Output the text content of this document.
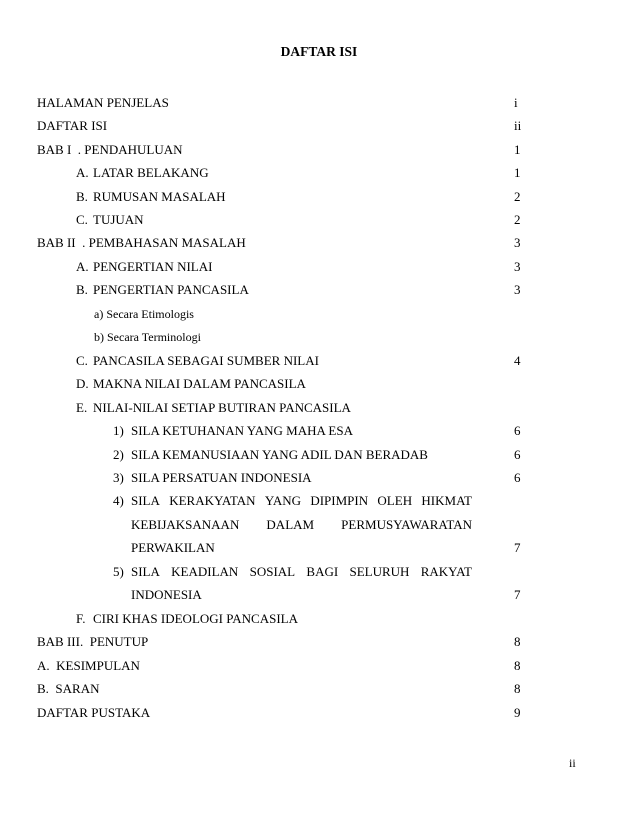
DAFTAR ISI
HALAMAN PENJELAS	i
DAFTAR ISI	ii
BAB I  . PENDAHULUAN	1
A. LATAR BELAKANG	1
B. RUMUSAN MASALAH	2
C. TUJUAN	2
BAB II  . PEMBAHASAN MASALAH	3
A. PENGERTIAN NILAI	3
B. PENGERTIAN PANCASILA	3
a) Secara Etimologis
b) Secara Terminologi
C. PANCASILA SEBAGAI SUMBER NILAI	4
D. MAKNA NILAI DALAM PANCASILA
E. NILAI-NILAI SETIAP BUTIRAN PANCASILA
1) SILA KETUHANAN YANG MAHA ESA	6
2) SILA KEMANUSIAAN YANG ADIL DAN BERADAB	6
3) SILA PERSATUAN INDONESIA	6
4) SILA KERAKYATAN YANG DIPIMPIN OLEH HIKMAT
KEBIJAKSANAAN DALAM PERMUSYAWARATAN
PERWAKILAN	7
5) SILA KEADILAN SOSIAL BAGI SELURUH RAKYAT
INDONESIA	7
F. CIRI KHAS IDEOLOGI PANCASILA
BAB III.  PENUTUP	8
A.  KESIMPULAN	8
B.  SARAN	8
DAFTAR PUSTAKA	9
ii
